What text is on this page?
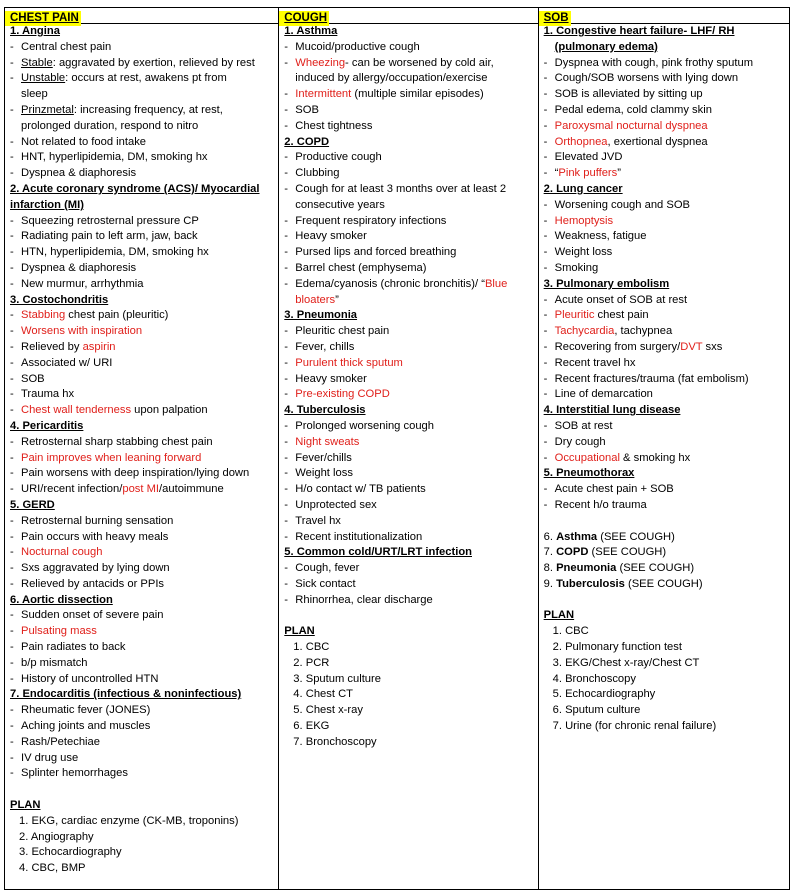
CHEST PAIN
1. Angina
- Central chest pain
- Stable: aggravated by exertion, relieved by rest
- Unstable: occurs at rest, awakens pt from
sleep
- Prinzmetal: increasing frequency, at rest,
prolonged duration, respond to nitro
- Not related to food intake
- HNT, hyperlipidemia, DM, smoking hx
- Dyspnea & diaphoresis
2. Acute coronary syndrome (ACS)/ Myocardial
infarction (MI)
- Squeezing retrosternal pressure CP
- Radiating pain to left arm, jaw, back
- HTN, hyperlipidemia, DM, smoking hx
- Dyspnea & diaphoresis
- New murmur, arrhythmia
3. Costochondritis
- Stabbing chest pain (pleuritic)
- Worsens with inspiration
- Relieved by aspirin
- Associated w/ URI
- SOB
- Trauma hx
- Chest wall tenderness upon palpation
4. Pericarditis
- Retrosternal sharp stabbing chest pain
- Pain improves when leaning forward
- Pain worsens with deep inspiration/lying down
- URI/recent infection/post MI/autoimmune
5. GERD
- Retrosternal burning sensation
- Pain occurs with heavy meals
- Nocturnal cough
- Sxs aggravated by lying down
- Relieved by antacids or PPIs
6. Aortic dissection
- Sudden onset of severe pain
- Pulsating mass
- Pain radiates to back
- b/p mismatch
- History of uncontrolled HTN
7. Endocarditis (infectious & noninfectious)
- Rheumatic fever (JONES)
- Aching joints and muscles
- Rash/Petechiae
- IV drug use
- Splinter hemorrhages
PLAN
1. EKG, cardiac enzyme (CK-MB, troponins)
2. Angiography
3. Echocardiography
4. CBC, BMP
COUGH
1. Asthma
- Mucoid/productive cough
- Wheezing- can be worsened by cold air,
induced by allergy/occupation/exercise
- Intermittent (multiple similar episodes)
- SOB
- Chest tightness
2. COPD
- Productive cough
- Clubbing
- Cough for at least 3 months over at least 2
consecutive years
- Frequent respiratory infections
- Heavy smoker
- Pursed lips and forced breathing
- Barrel chest (emphysema)
- Edema/cyanosis (chronic bronchitis)/ “Blue
bloaters”
3. Pneumonia
- Pleuritic chest pain
- Fever, chills
- Purulent thick sputum
- Heavy smoker
- Pre-existing COPD
4. Tuberculosis
- Prolonged worsening cough
- Night sweats
- Fever/chills
- Weight loss
- H/o contact w/ TB patients
- Unprotected sex
- Travel hx
- Recent institutionalization
5. Common cold/URT/LRT infection
- Cough, fever
- Sick contact
- Rhinorrhea, clear discharge
PLAN
1. CBC
2. PCR
3. Sputum culture
4. Chest CT
5. Chest x-ray
6. EKG
7. Bronchoscopy
SOB
1. Congestive heart failure- LHF/ RH
(pulmonary edema)
- Dyspnea with cough, pink frothy sputum
- Cough/SOB worsens with lying down
- SOB is alleviated by sitting up
- Pedal edema, cold clammy skin
- Paroxysmal nocturnal dyspnea
- Orthopnea, exertional dyspnea
- Elevated JVD
- “Pink puffers”
2. Lung cancer
- Worsening cough and SOB
- Hemoptysis
- Weakness, fatigue
- Weight loss
- Smoking
3. Pulmonary embolism
- Acute onset of SOB at rest
- Pleuritic chest pain
- Tachycardia, tachypnea
- Recovering from surgery/DVT sxs
- Recent travel hx
- Recent fractures/trauma (fat embolism)
- Line of demarcation
4. Interstitial lung disease
- SOB at rest
- Dry cough
- Occupational & smoking hx
5. Pneumothorax
- Acute chest pain + SOB
- Recent h/o trauma
6. Asthma (SEE COUGH)
7. COPD (SEE COUGH)
8. Pneumonia (SEE COUGH)
9. Tuberculosis (SEE COUGH)
PLAN
1. CBC
2. Pulmonary function test
3. EKG/Chest x-ray/Chest CT
4. Bronchoscopy
5. Echocardiography
6. Sputum culture
7. Urine (for chronic renal failure)
